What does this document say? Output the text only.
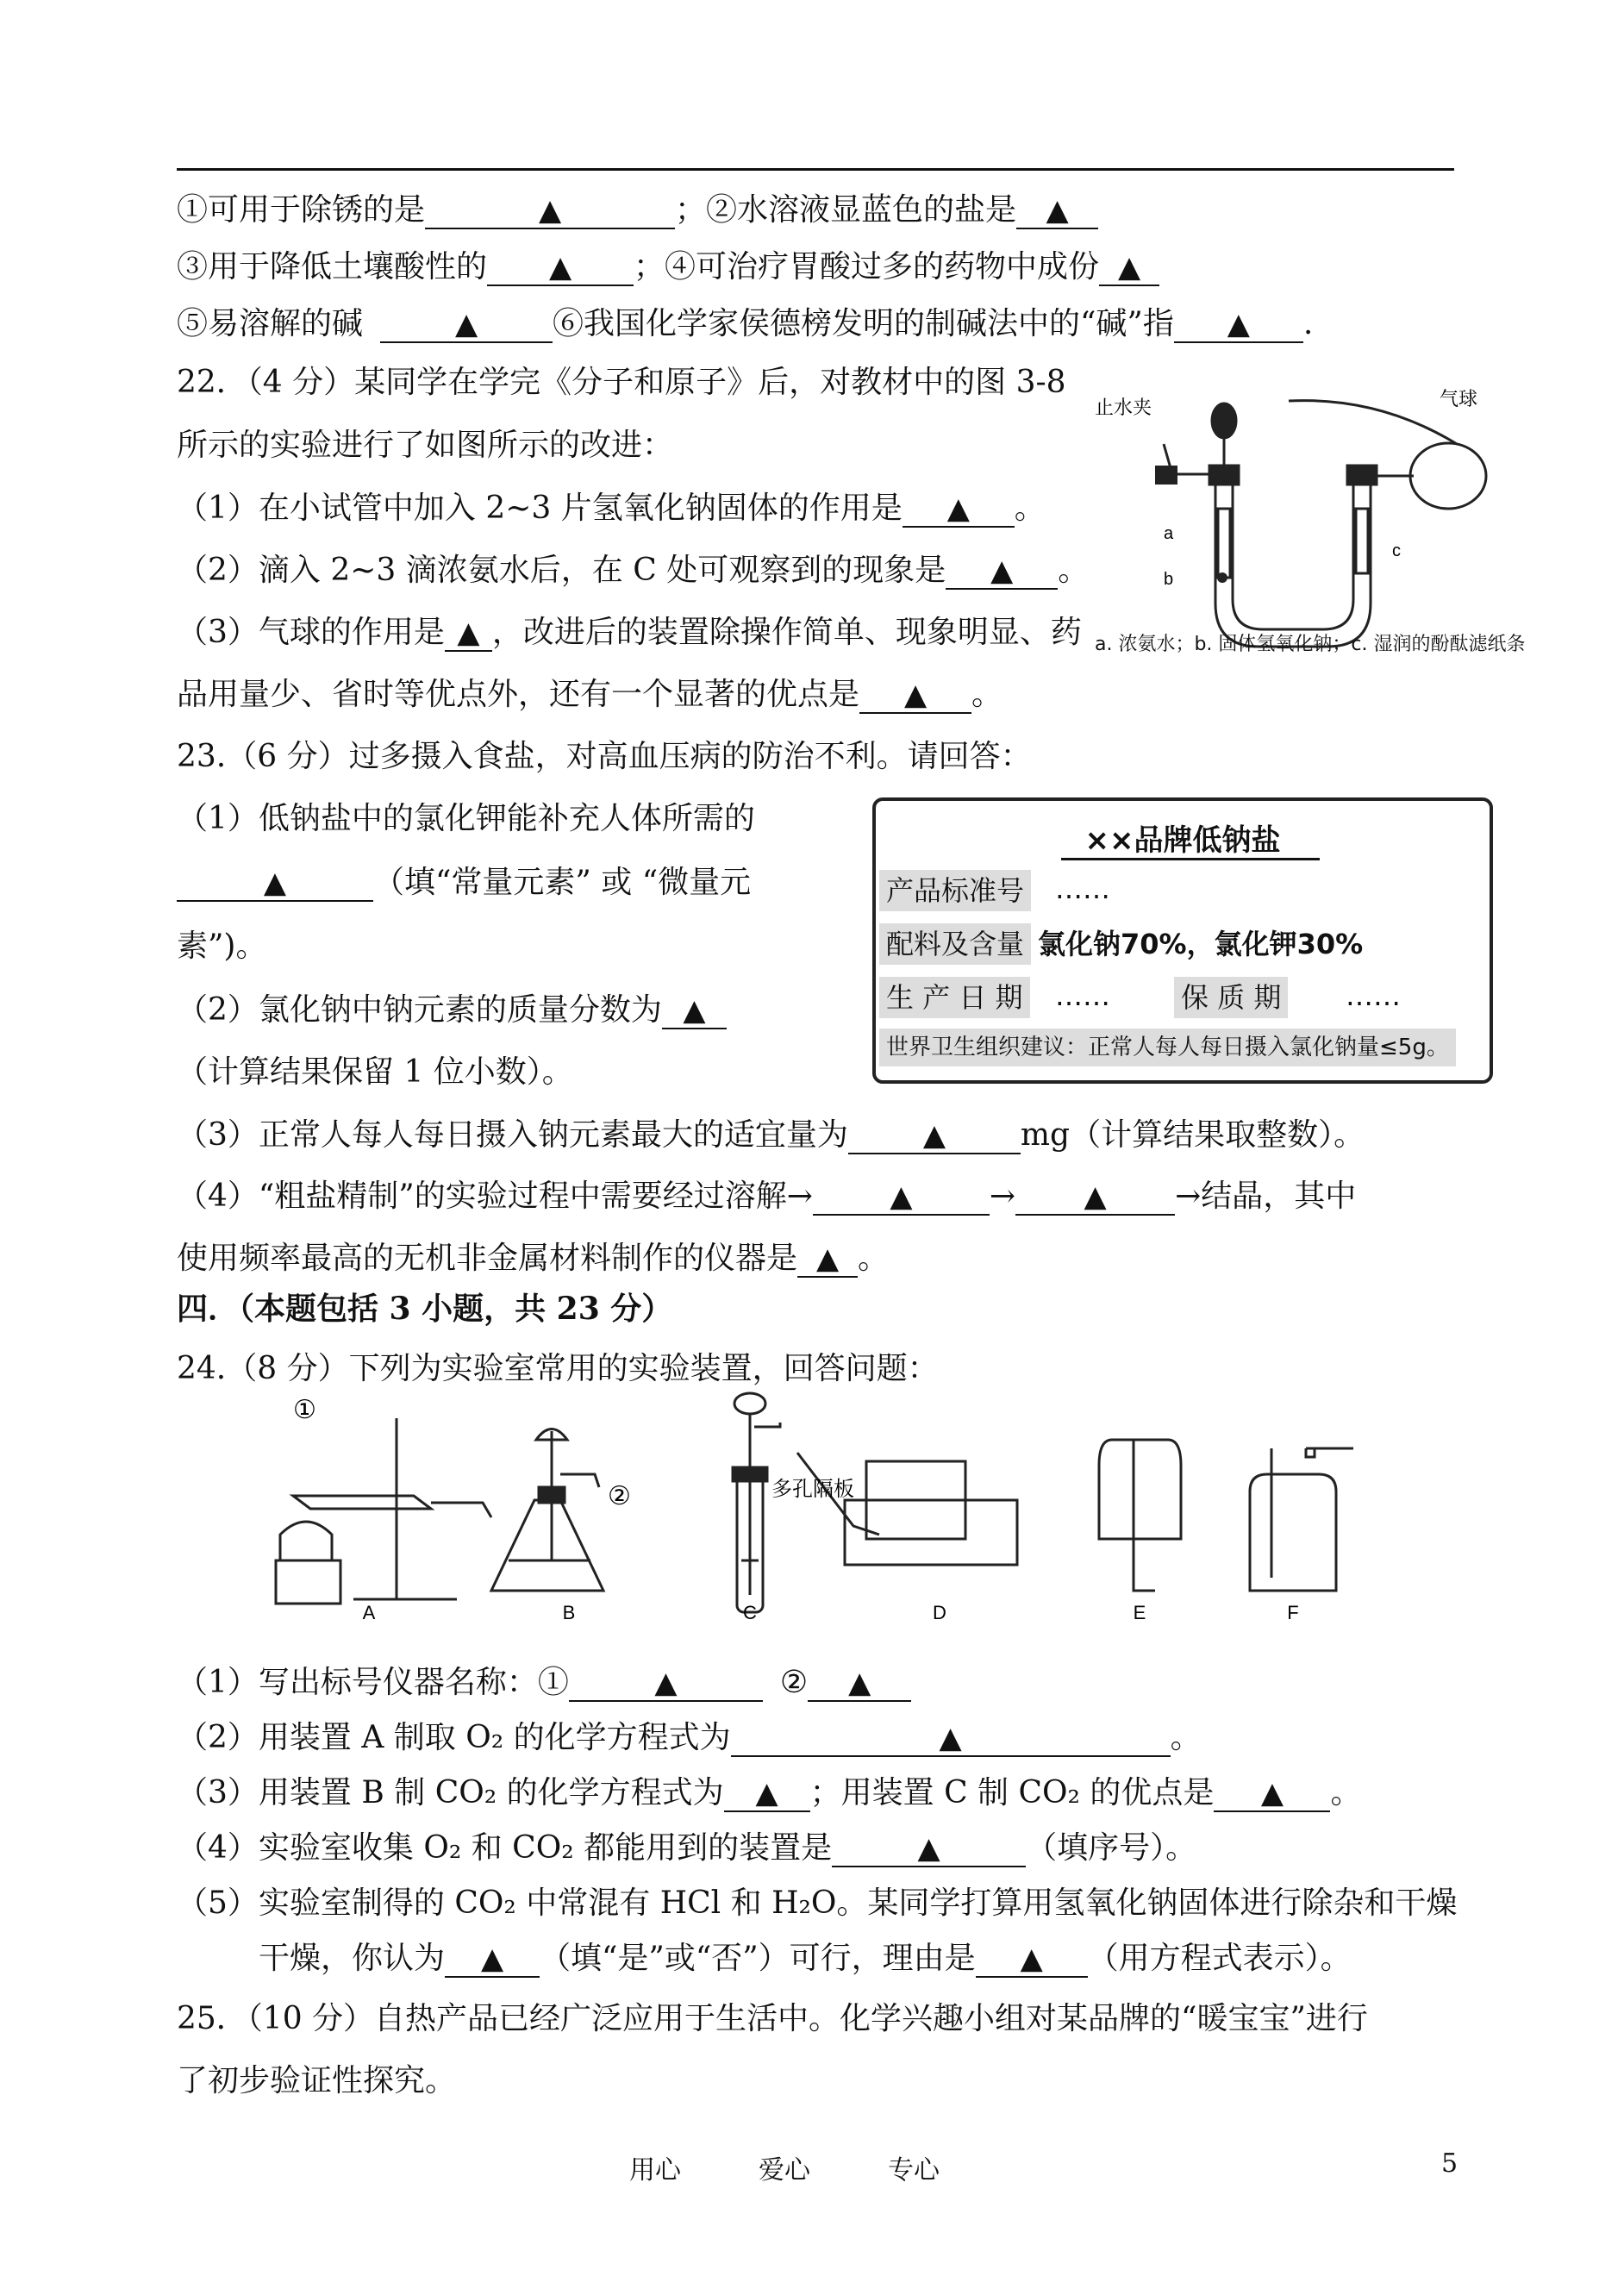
①可用于除锈的是 ▲	；②水溶液显蓝色的盐是▲
③用于降低土壤酸性的 ▲	；④可治疗胃酸过多的药物中成份▲
⑤易溶解的碱 ▲	⑥我国化学家侯德榜发明的制碱法中的“碱”指 ▲	.
22．（4 分）某同学在学完《分子和原子》后，对教材中的图 3-8
所示的实验进行了如图所示的改进：
（1）在小试管中加入 2~3 片氢氧化钠固体的作用是 ▲	。
（2）滴入 2~3 滴浓氨水后，在 C 处可观察到的现象是 ▲	。
（3）气球的作用是 ▲ ，改进后的装置除操作简单、现象明显、药
品用量少、省时等优点外，还有一个显著的优点是 ▲	。
止水夹	气球
a
b
c
a. 浓氨水；b. 固体氢氧化钠；c. 湿润的酚酞滤纸条
23.（6 分）过多摄入食盐，对高血压病的防治不利。请回答：
（1）低钠盐中的氯化钾能补充人体所需的
▲（填“常量元素” 或 “微量元
素”)。
（2）氯化钠中钠元素的质量分数为▲
（计算结果保留 1 位小数）。
××品牌低钠盐
产品标准号 ……
配料及含量 氯化钠70%，氯化钾30%
生 产 日 期 ……	保 质 期 ……
世界卫生组织建议：正常人每人每日摄入氯化钠量≤5g。
（3）正常人每人每日摄入钠元素最大的适宜量为 ▲	mg（计算结果取整数）。
（4）“粗盐精制”的实验过程中需要经过溶解→ ▲	→ ▲	→结晶，其中
使用频率最高的无机非金属材料制作的仪器是 ▲ 。
四．（本题包括 3 小题，共 23 分）
24.（8 分）下列为实验室常用的实验装置，回答问题：
①
②	多孔隔板
A	B	C	D	E	F
（1）写出标号仪器名称：① ▲	②▲
（2）用装置 A 制取 O₂ 的化学方程式为 ▲	。
（3）用装置 B 制 CO₂ 的化学方程式为 ▲	；用装置 C 制 CO₂ 的优点是 ▲	。
（4）实验室收集 O₂ 和 CO₂ 都能用到的装置是 ▲	（填序号）。
（5）实验室制得的 CO₂ 中常混有 HCl 和 H₂O。某同学打算用氢氧化钠固体进行除杂和干燥
干燥，你认为 ▲	（填“是”或“否”）可行，理由是 ▲	（用方程式表示）。
25．（10 分）自热产品已经广泛应用于生活中。化学兴趣小组对某品牌的“暖宝宝”进行
了初步验证性探究。
用心	爱心	专心	5
